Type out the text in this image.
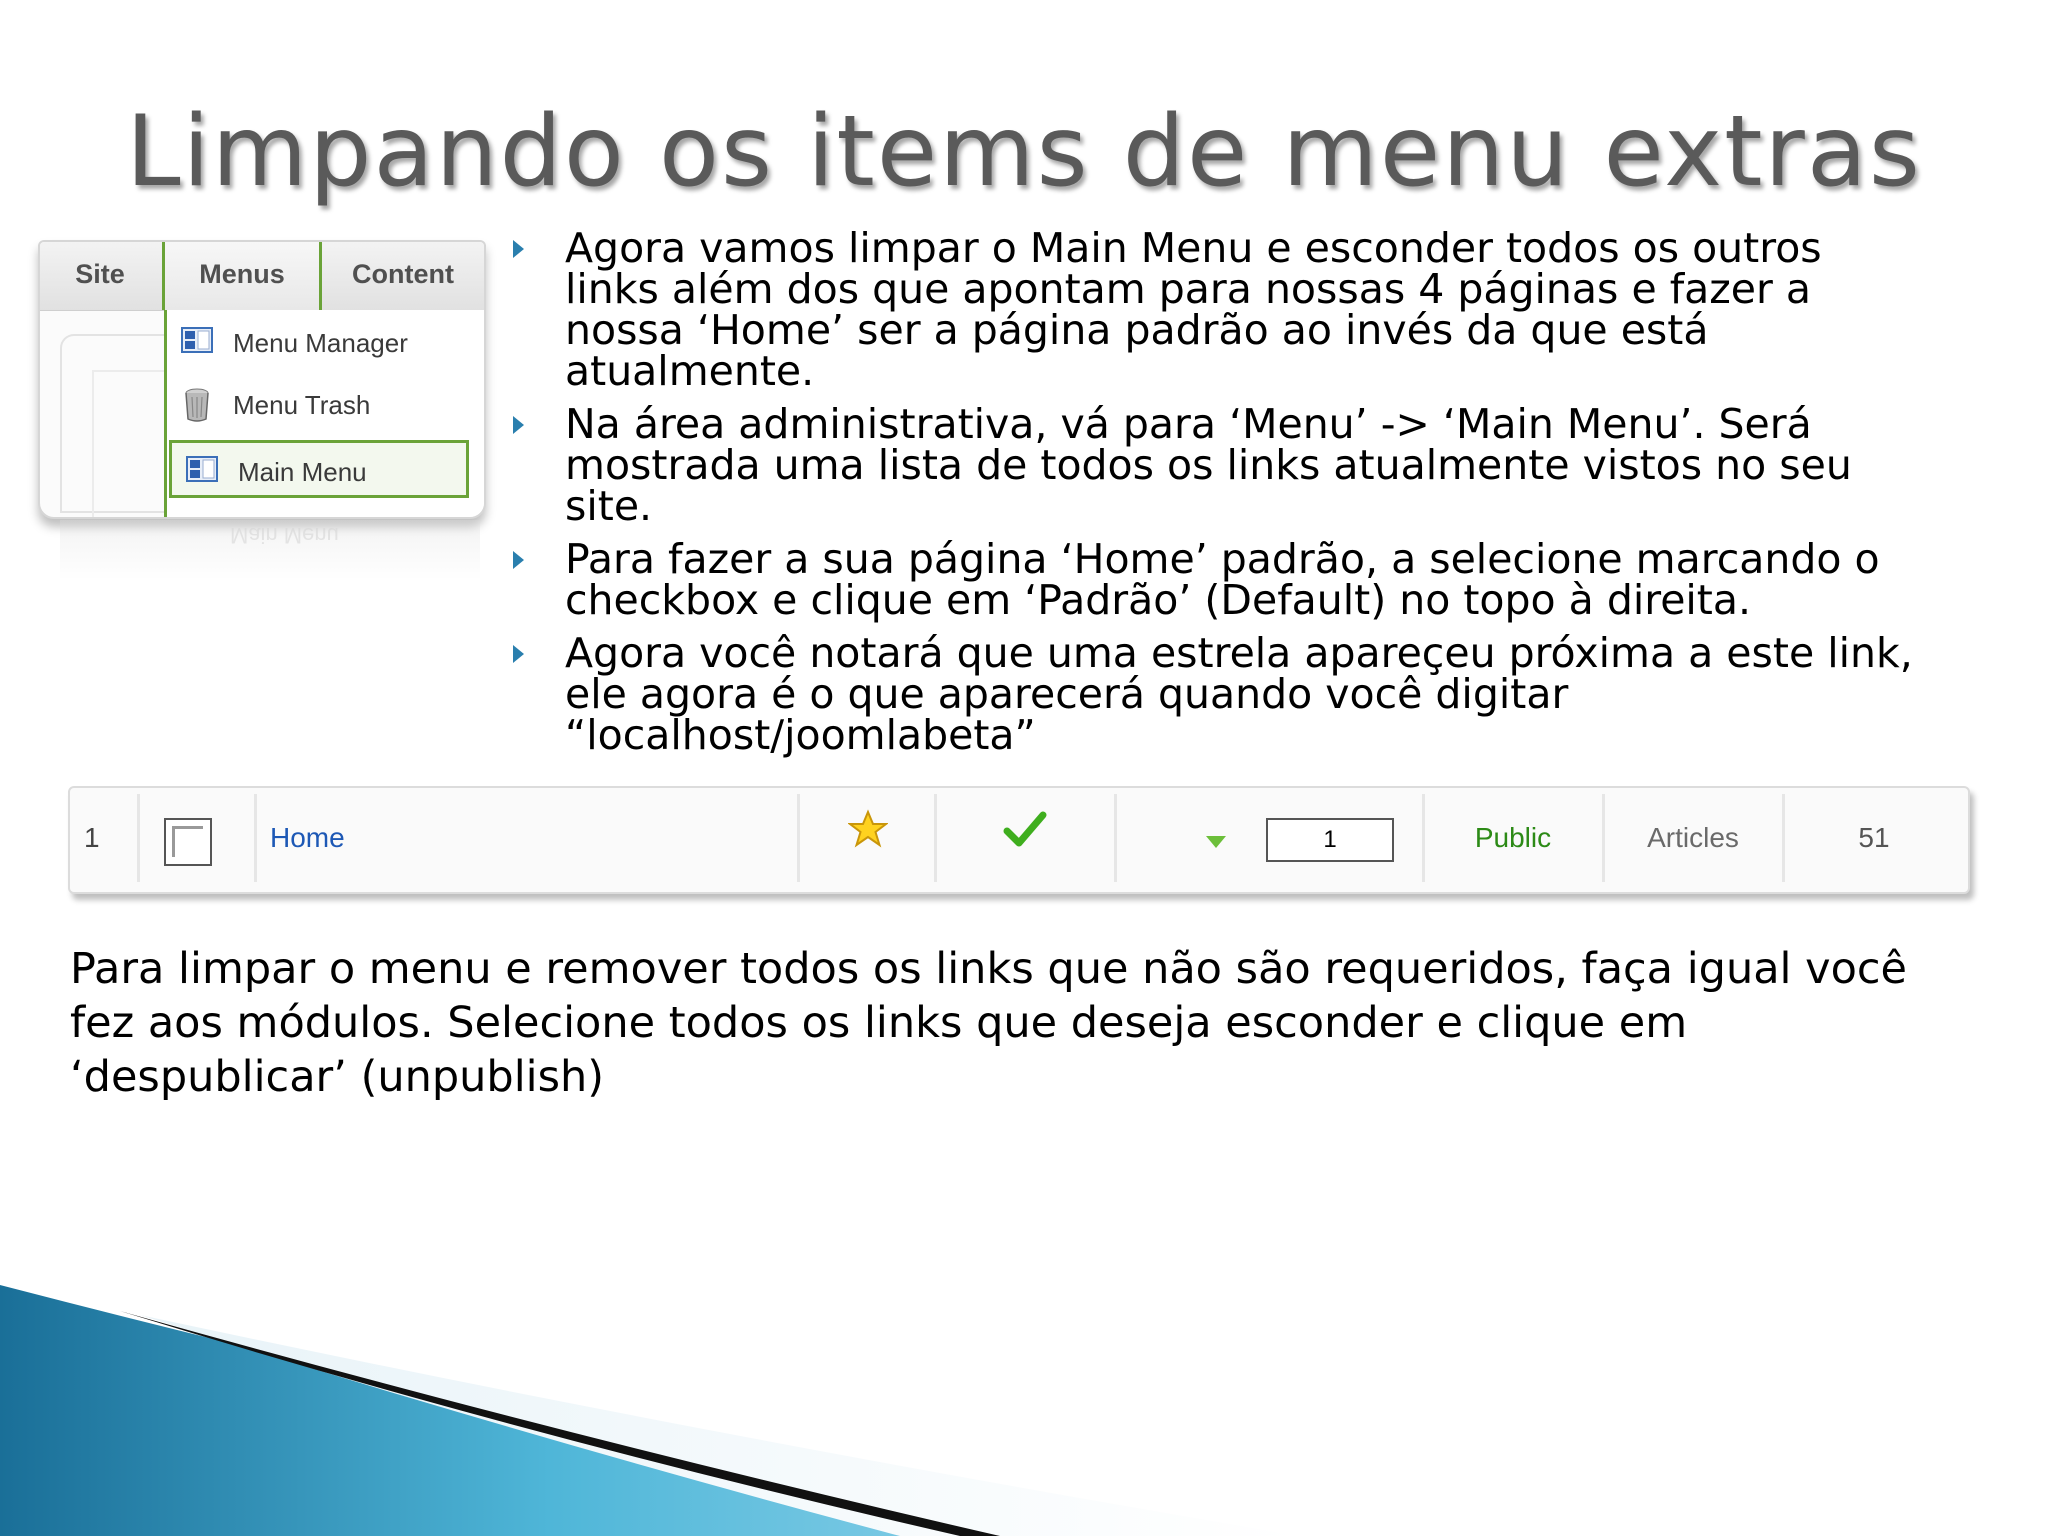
Limpando os items de menu extras
Site	Menus	Content
Menu Manager
Menu Trash
Main Menu
Main Menu
Agora vamos limpar o Main Menu e esconder todos os outros links além dos que apontam para nossas 4 páginas e fazer a nossa ‘Home’ ser a página padrão ao invés da que está atualmente.
Na área administrativa, vá para ‘Menu’ -> ‘Main Menu’. Será mostrada uma lista de todos os links atualmente vistos no seu site.
Para fazer a sua página ‘Home’ padrão, a selecione marcando o checkbox e clique em ‘Padrão’ (Default) no topo à direita.
Agora você notará que uma estrela apareçeu próxima a este link, ele agora é o que aparecerá quando você digitar “localhost/joomlabeta”
1	Home	1	Public	Articles	51
Para limpar o menu e remover todos os links que não são requeridos, faça igual você fez aos módulos. Selecione todos os links que deseja esconder e clique em ‘despublicar’ (unpublish)
